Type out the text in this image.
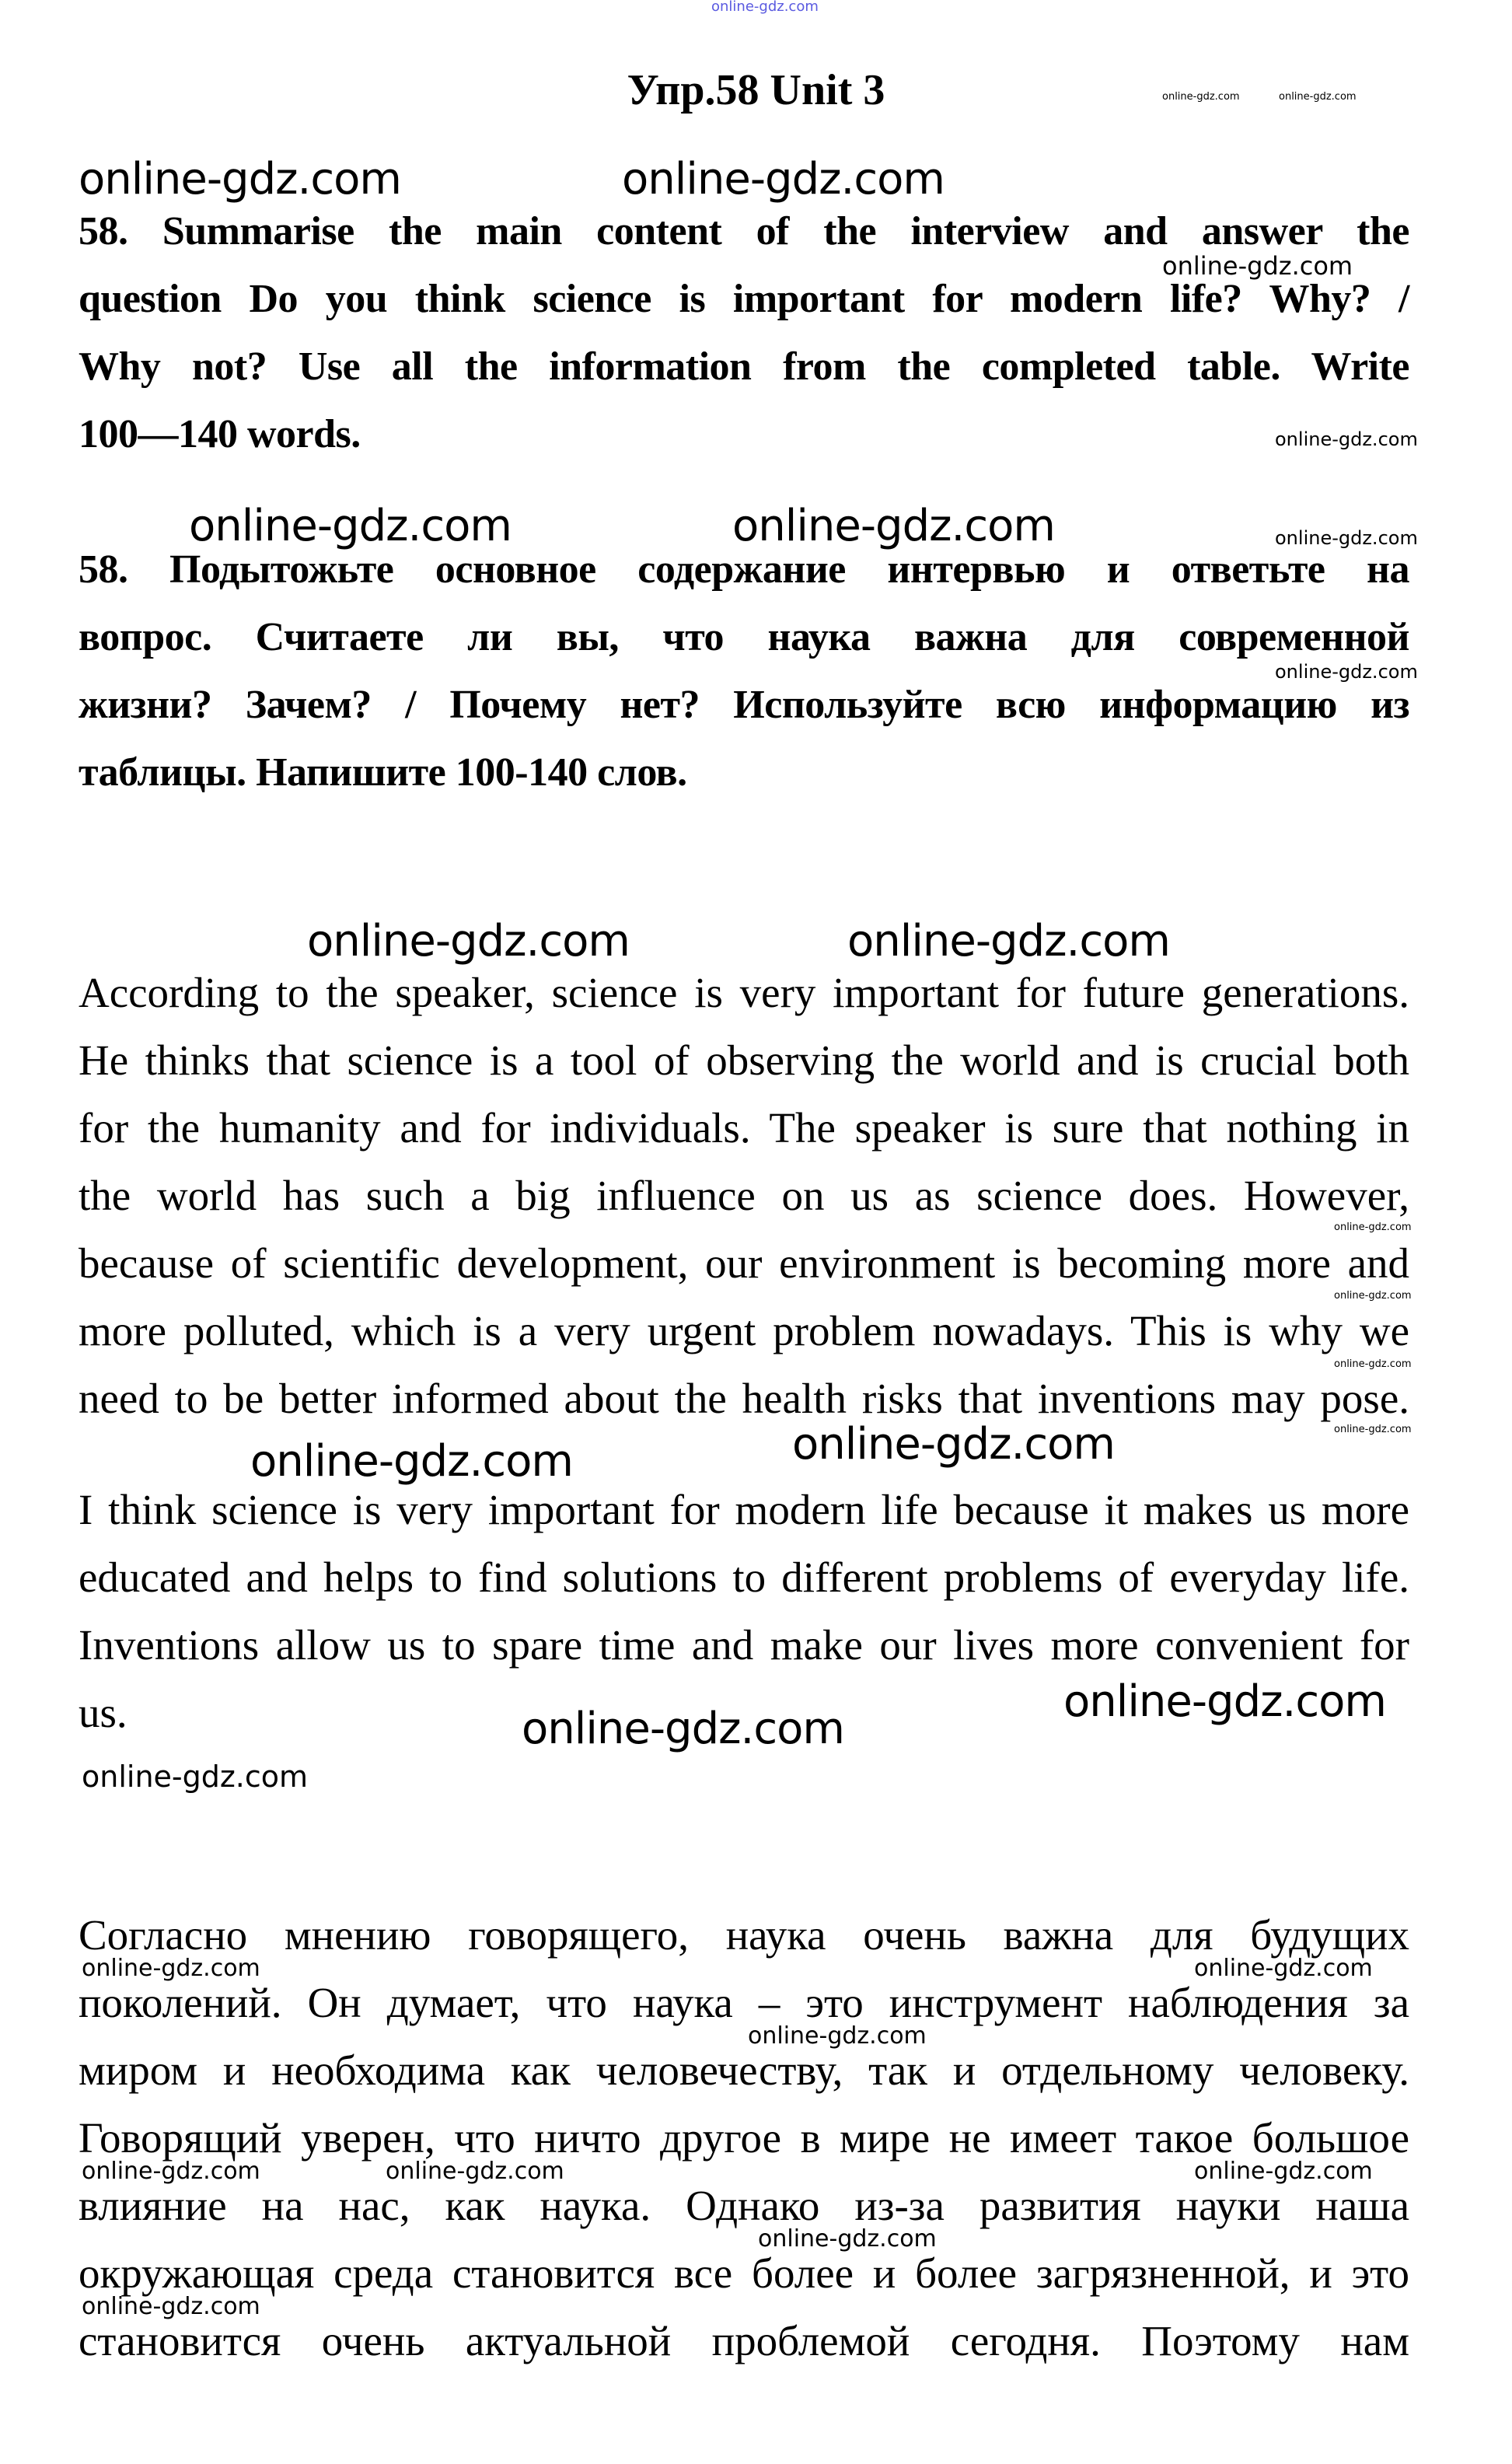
online-gdz.com
Упр.58 Unit 3
58. Summarise the main content of the interview and answer the
question Do you think science is important for modern life? Why? /
Why not? Use all the information from the completed table. Write
100—140 words.
58. Подытожьте основное содержание интервью и ответьте на
вопрос. Считаете ли вы, что наука важна для современной
жизни? Зачем? / Почему нет? Используйте всю информацию из
таблицы. Напишите 100-140 слов.
According to the speaker, science is very important for future generations.
He thinks that science is a tool of observing the world and is crucial both
for the humanity and for individuals. The speaker is sure that nothing in
the world has such a big influence on us as science does. However,
because of scientific development, our environment is becoming more and
more polluted, which is a very urgent problem nowadays. This is why we
need to be better informed about the health risks that inventions may pose.
I think science is very important for modern life because it makes us more
educated and helps to find solutions to different problems of everyday life.
Inventions allow us to spare time and make our lives more convenient for
us.
Согласно мнению говорящего, наука очень важна для будущих
поколений. Он думает, что наука – это инструмент наблюдения за
миром и необходима как человечеству, так и отдельному человеку.
Говорящий уверен, что ничто другое в мире не имеет такое большое
влияние на нас, как наука. Однако из-за развития науки наша
окружающая среда становится все более и более загрязненной, и это
становится очень актуальной проблемой сегодня. Поэтому нам
online-gdz.com	online-gdz.com
online-gdz.com	online-gdz.com
online-gdz.com
online-gdz.com
online-gdz.com	online-gdz.com	online-gdz.com
online-gdz.com
online-gdz.com	online-gdz.com
online-gdz.com
online-gdz.com
online-gdz.com
online-gdz.com
online-gdz.com
online-gdz.com
online-gdz.com
online-gdz.com
online-gdz.com
online-gdz.com	online-gdz.com
online-gdz.com
online-gdz.com	online-gdz.com	online-gdz.com
online-gdz.com
online-gdz.com
